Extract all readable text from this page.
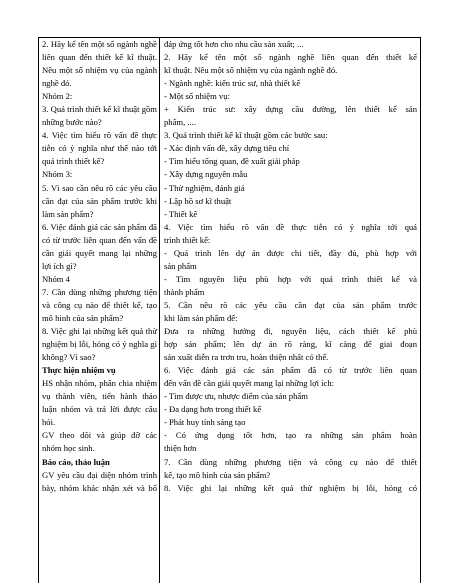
2. Hãy kể tên một số ngành nghề
liên quan đến thiết kế kĩ thuật.
Nêu một số nhiệm vụ của ngành
nghề đó.
Nhóm 2:
3. Quá trình thiết kế kĩ thuật gồm
những bước nào?
4. Việc tìm hiểu rõ vấn đề thực
tiễn có ý nghĩa như thế nào tới
quá trình thiết kế?
Nhóm 3:
5. Vì sao cần nêu rõ các yêu cầu
cần đạt của sản phẩm trước khi
làm sản phẩm?
6. Việc đánh giá các sản phẩm đã
có từ trước liên quan đến vấn đề
cần giải quyết mang lại những
lợi ích gì?
Nhóm 4
7. Cần dùng những phương tiện
và công cụ nào để thiết kế, tạo
mô hình của sản phẩm?
8. Việc ghi lại những kết quả thử
nghiệm bị lỗi, hỏng có ý nghĩa gì
không? Vì sao?
Thực hiện nhiệm vụ
HS nhận nhóm, phân chia nhiệm
vụ thành viên, tiến hành thảo
luận nhóm và trả lời được câu
hỏi.
GV theo dõi và giúp đỡ các
nhóm học sinh.
Báo cáo, thảo luận
GV yêu cầu đại diện nhóm trình
bày, nhóm khác nhận xét và bổ
đáp ứng tốt hơn cho nhu cầu sản xuất; ...
2. Hãy kể tên một số ngành nghề liên quan đến thiết kế
kĩ thuật. Nêu một số nhiệm vụ của ngành nghề đó.
- Ngành nghề: kiến trúc sư, nhà thiết kế
- Một số nhiệm vụ:
+ Kiến trúc sư: xây dựng cầu đường, lên thiết kế sản
phẩm, ....
3. Quá trình thiết kế kĩ thuật gồm các bước sau:
- Xác định vấn đề, xây dựng tiêu chí
- Tìm hiểu tổng quan, đề xuất giải pháp
- Xây dựng nguyên mẫu
- Thử nghiệm, đánh giá
- Lập hồ sơ kĩ thuật
- Thiết kế
4. Việc tìm hiểu rõ vấn đề thực tiễn có ý nghĩa tới quá
trình thiết kế:
- Quá trình lên dự án được chi tiết, đầy đủ, phù hợp với
sản phẩm
- Tìm nguyên liệu phù hợp với quá trình thiết kế và
thành phẩm
5. Cần nêu rõ các yêu cầu cần đạt của sản phẩm trước
khi làm sản phẩm để:
Đưa ra những hướng đi, nguyên liệu, cách thiết kế phù
hợp sản phẩm; lên dự án rõ ràng, kĩ càng để giai đoạn
sản xuất diễn ra trơn tru, hoàn thiện nhất có thể.
6. Việc đánh giá các sản phẩm đã có từ trước liên quan
đến vấn đề cần giải quyết mang lại những lợi ích:
- Tìm được ưu, nhược điểm của sản phẩm
- Đa dạng hơn trong thiết kế
- Phát huy tính sáng tạo
- Có ứng dụng tốt hơn, tạo ra những sản phẩm hoàn
thiện hơn
7. Cần dùng những phương tiện và công cụ nào để thiết
kế, tạo mô hình của sản phẩm?
8. Việc ghi lại những kết quả thử nghiệm bị lỗi, hỏng có
